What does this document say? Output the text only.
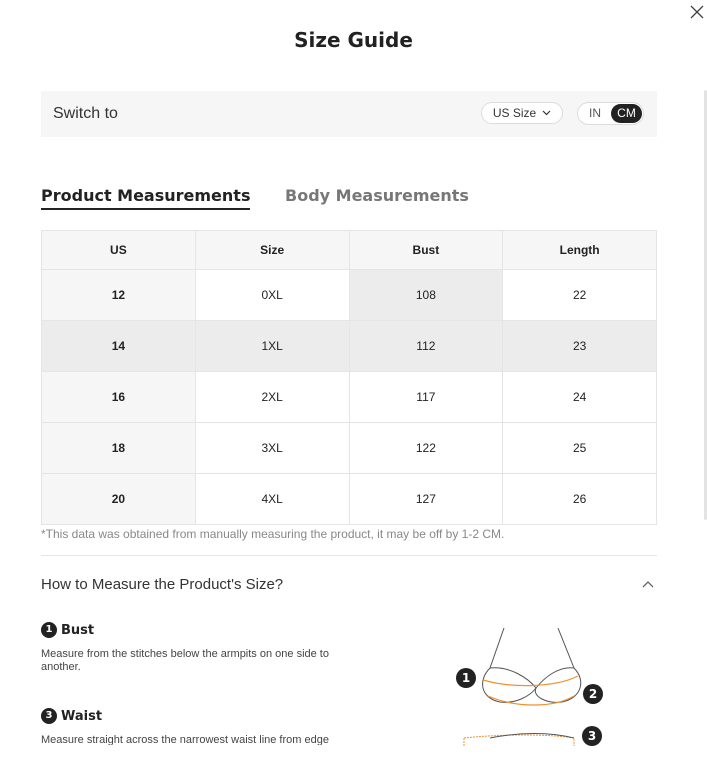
Size Guide
Switch to	US Size	IN	CM
Product Measurements Body Measurements
US	Size	Bust	Length
12	0XL	108	22
14	1XL	112	23
16	2XL	117	24
18	3XL	122	25
20	4XL	127	26
*This data was obtained from manually measuring the product, it may be off by 1-2 CM.
How to Measure the Product's Size?
1 Bust
Measure from the stitches below the armpits on one side to another.
3 Waist
Measure straight across the narrowest waist line from edge
1
2
3
